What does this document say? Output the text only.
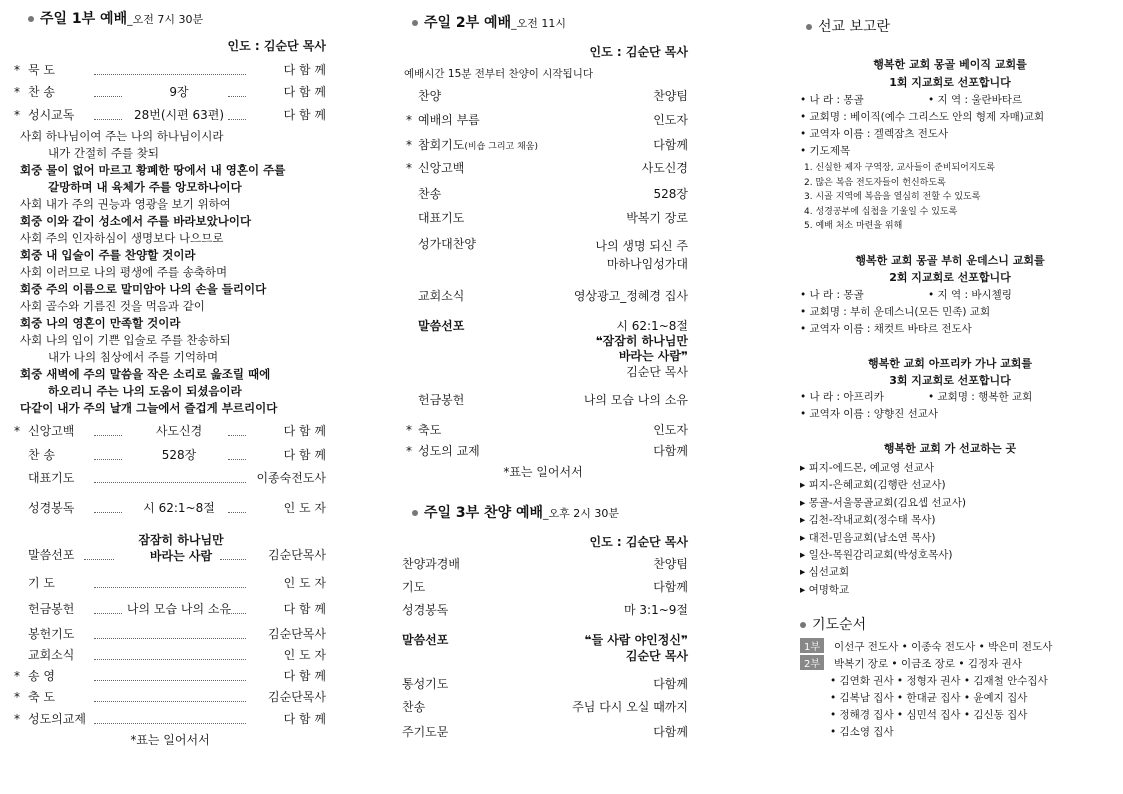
주일 1부 예배_오전 7시 30분
인도 : 김순단 목사
* 묵 도	다 함 께
* 찬 송	9장	다 함 께
* 성시교독	28번(시편 63편)	다 함 께
사회 하나님이여 주는 나의 하나님이시라
내가 간절히 주를 찾되
회중 물이 없어 마르고 황폐한 땅에서 내 영혼이 주를
갈망하며 내 육체가 주를 앙모하나이다
사회 내가 주의 권능과 영광을 보기 위하여
회중 이와 같이 성소에서 주를 바라보았나이다
사회 주의 인자하심이 생명보다 나으므로
회중 내 입술이 주를 찬양할 것이라
사회 이러므로 나의 평생에 주를 송축하며
회중 주의 이름으로 말미암아 나의 손을 들리이다
사회 골수와 기름진 것을 먹음과 같이
회중 나의 영혼이 만족할 것이라
사회 나의 입이 기쁜 입술로 주를 찬송하되
내가 나의 침상에서 주를 기억하며
회중 새벽에 주의 말씀을 작은 소리로 읊조릴 때에
하오리니 주는 나의 도움이 되셨음이라
다같이 내가 주의 날개 그늘에서 즐겁게 부르리이다
* 신앙고백	사도신경	다 함 께
찬 송	528장	다 함 께
대표기도	이종숙전도사
성경봉독	시 62:1~8절	인 도 자
말씀선포
잠잠히 하나님만
바라는 사람	김순단목사
기 도	인 도 자
헌금봉헌	나의 모습 나의 소유	다 함 께
봉헌기도	김순단목사
교회소식	인 도 자
* 송 영	다 함 께
* 축 도	김순단목사
* 성도의교제	다 함 께
*표는 일어서서
주일 2부 예배_오전 11시
인도 : 김순단 목사
예배시간 15분 전부터 찬양이 시작됩니다
찬양	찬양팀
* 예배의 부름	인도자
* 참회기도(비숍 그리고 채움)	다함께
* 신앙고백	사도신경
찬송	528장
대표기도	박복기 장로
성가대찬양	나의 생명 되신 주
마하나임성가대
교회소식	영상광고_정혜경 집사
말씀선포	시 62:1~8절
❝잠잠히 하나님만
바라는 사람❞
김순단 목사
헌금봉헌	나의 모습 나의 소유
* 축도	인도자
* 성도의 교제	다함께
*표는 일어서서
주일 3부 찬양 예배_오후 2시 30분
인도 : 김순단 목사
찬양과경배	찬양팀
기도	다함께
성경봉독	마 3:1~9절
말씀선포	❝들 사람 야인정신❞
김순단 목사
통성기도	다함께
찬송	주님 다시 오실 때까지
주기도문	다함께
선교 보고란
행복한 교회 몽골 베이직 교회를
1회 지교회로 선포합니다
• 나 라 : 몽골
• 교회명 : 베이직(예수 그리스도 안의 형제 자매)교회
• 교역자 이름 : 겔렉잠츠 전도사
• 기도제목
• 지 역 : 울란바타르
1. 신실한 제자 구역장, 교사들이 준비되어지도록
2. 많은 복음 전도자들이 헌신하도록
3. 시골 지역에 복음을 열심히 전할 수 있도록
4. 성경공부에 십첩을 기울일 수 있도록
5. 예배 처소 마련을 위해
행복한 교회 몽골 부히 운데스니 교회를
2회 지교회로 선포합니다
• 나 라 : 몽골
• 교회명 : 부히 운데스니(모든 민족) 교회
• 교역자 이름 : 채컷트 바타르 전도사
• 지 역 : 바시첼링
행복한 교회 아프리카 가나 교회를
3회 지교회로 선포합니다
• 나 라 : 아프리카
• 교역자 이름 : 양향진 선교사
• 교회명 : 행복한 교회
행복한 교회 가 선교하는 곳
▸ 피지-에드몬, 예교영 선교사
▸ 피지-은혜교회(김행란 선교사)
▸ 몽골-서울몽골교회(김요셉 선교사)
▸ 김천-작내교회(정수태 목사)
▸ 대전-믿음교회(남소연 목사)
▸ 일산-목원감리교회(박성호목사)
▸ 심선교회
▸ 여명학교
기도순서
1부 이선구 전도사 • 이종숙 전도사 • 박은미 전도사
2부 박복기 장로 • 이금조 장로 • 김정자 권사
• 김연화 권사 • 정형자 권사 • 김재철 안수집사
• 김복남 집사 • 한대균 집사 • 윤예지 집사
• 정해경 집사 • 심민석 집사 • 김신동 집사
• 김소영 집사
